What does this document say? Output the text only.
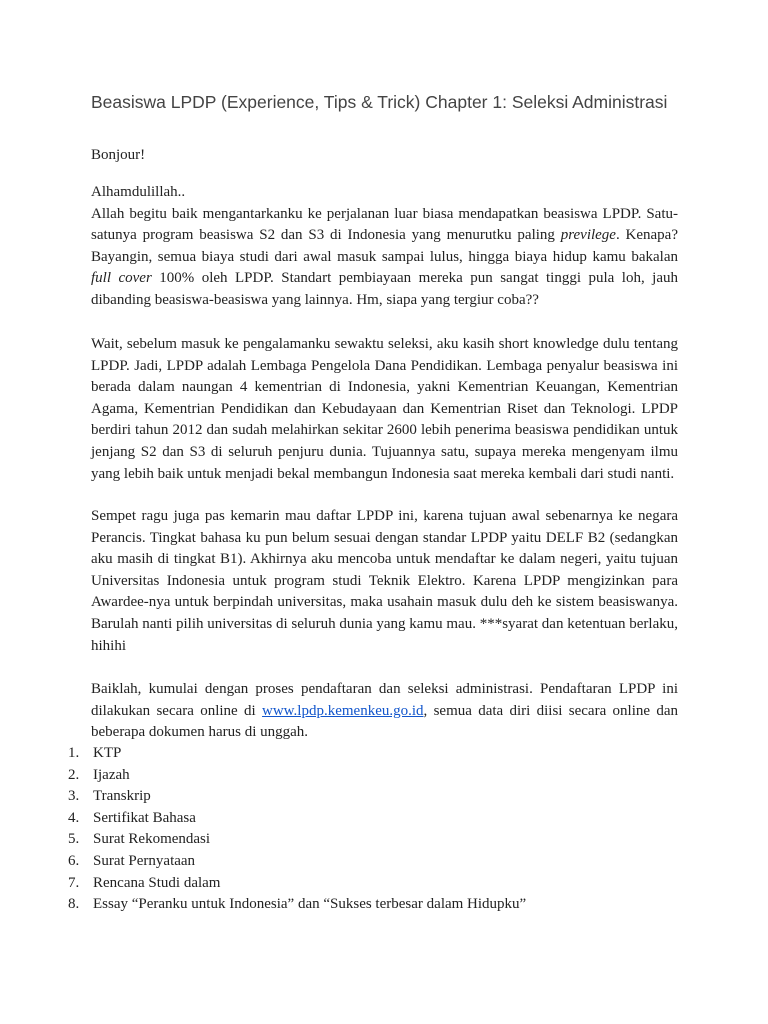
Beasiswa LPDP (Experience, Tips & Trick) Chapter 1: Seleksi Administrasi
Bonjour!
Alhamdulillah..
Allah begitu baik mengantarkanku ke perjalanan luar biasa mendapatkan beasiswa LPDP. Satu-satunya program beasiswa S2 dan S3 di Indonesia yang menurutku paling previlege. Kenapa? Bayangin, semua biaya studi dari awal masuk sampai lulus, hingga biaya hidup kamu bakalan full cover 100% oleh LPDP. Standart pembiayaan mereka pun sangat tinggi pula loh, jauh dibanding beasiswa-beasiswa yang lainnya. Hm, siapa yang tergiur coba??
Wait, sebelum masuk ke pengalamanku sewaktu seleksi, aku kasih short knowledge dulu tentang LPDP. Jadi, LPDP adalah Lembaga Pengelola Dana Pendidikan. Lembaga penyalur beasiswa ini berada dalam naungan 4 kementrian di Indonesia, yakni Kementrian Keuangan, Kementrian Agama, Kementrian Pendidikan dan Kebudayaan dan Kementrian Riset dan Teknologi. LPDP berdiri tahun 2012 dan sudah melahirkan sekitar 2600 lebih penerima beasiswa pendidikan untuk jenjang S2 dan S3 di seluruh penjuru dunia. Tujuannya satu, supaya mereka mengenyam ilmu yang lebih baik untuk menjadi bekal membangun Indonesia saat mereka kembali dari studi nanti.
Sempet ragu juga pas kemarin mau daftar LPDP ini, karena tujuan awal sebenarnya ke negara Perancis. Tingkat bahasa ku pun belum sesuai dengan standar LPDP yaitu DELF B2 (sedangkan aku masih di tingkat B1). Akhirnya aku mencoba untuk mendaftar ke dalam negeri, yaitu tujuan Universitas Indonesia untuk program studi Teknik Elektro. Karena LPDP mengizinkan para Awardee-nya untuk berpindah universitas, maka usahain masuk dulu deh ke sistem beasiswanya. Barulah nanti pilih universitas di seluruh dunia yang kamu mau. ***syarat dan ketentuan berlaku, hihihi
Baiklah, kumulai dengan proses pendaftaran dan seleksi administrasi. Pendaftaran LPDP ini dilakukan secara online di www.lpdp.kemenkeu.go.id, semua data diri diisi secara online dan beberapa dokumen harus di unggah.
1. KTP
2. Ijazah
3. Transkrip
4. Sertifikat Bahasa
5. Surat Rekomendasi
6. Surat Pernyataan
7. Rencana Studi dalam
8. Essay “Peranku untuk Indonesia” dan “Sukses terbesar dalam Hidupku”
